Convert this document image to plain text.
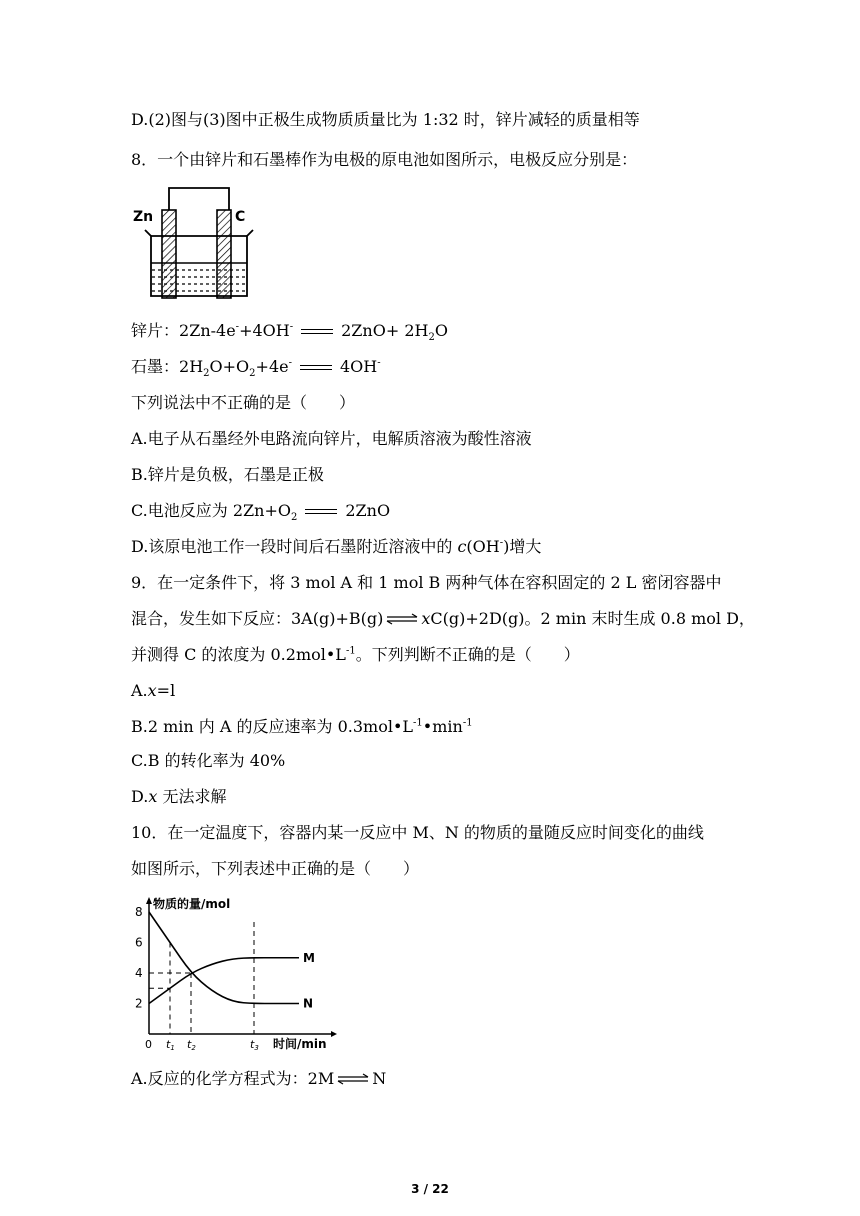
D.(2)图与(3)图中正极生成物质质量比为 1:32 时，锌片减轻的质量相等
8．一个由锌片和石墨棒作为电极的原电池如图所示，电极反应分别是：
Zn	C
锌片：2Zn-4e-+4OH-	$2ZnO+ 2H_2O$
石墨：$2H_2O+O_2+4e^-$	4OH-
下列说法中不正确的是（　　）
A.电子从石墨经外电路流向锌片，电解质溶液为酸性溶液
B.锌片是负极，石墨是正极
C.电池反应为 $2Zn+O_2$	2ZnO
D.该原电池工作一段时间后石墨附近溶液中的 c(OH-)增大
9．在一定条件下，将 3 mol A 和 1 mol B 两种气体在容积固定的 2 L 密闭容器中
混合，发生如下反应：3A(g)+B(g)⇌xC(g)+2D(g)。2 min 末时生成 0.8 mol D，
并测得 C 的浓度为 $0.2mol•L^{-1}$。下列判断不正确的是（　　）
A.x=l
B.2 min 内 A 的反应速率为 $0.3mol•L^{-1}•\min^{-1}$
C.B 的转化率为 40%
D.x 无法求解
10．在一定温度下，容器内某一反应中 M、N 的物质的量随反应时间变化的曲线
如图所示，下列表述中正确的是（　　）
M
N
2
4
6
8
0 t1 t2	t3
物质的量/mol
时间/min
A.反应的化学方程式为：2M⇌N
3 / 22
